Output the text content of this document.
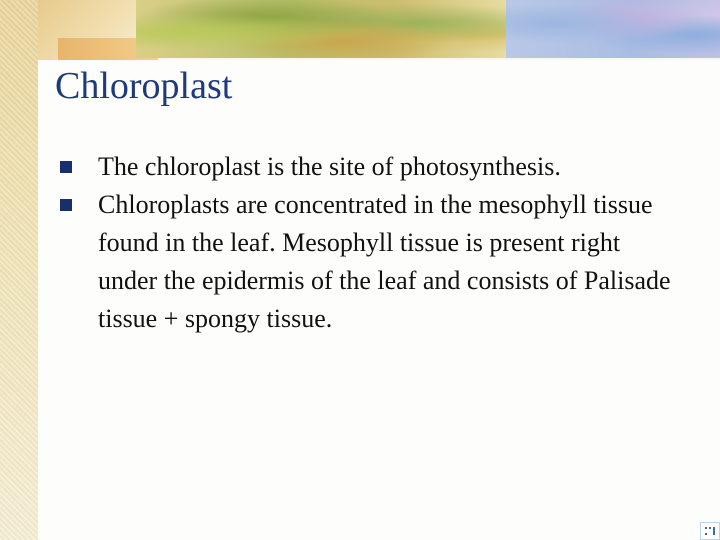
Chloroplast
The chloroplast is the site of photosynthesis.
Chloroplasts are concentrated in the mesophyll tissue found in the leaf. Mesophyll tissue is present right under the epidermis of the leaf and consists of Palisade tissue + spongy tissue.
